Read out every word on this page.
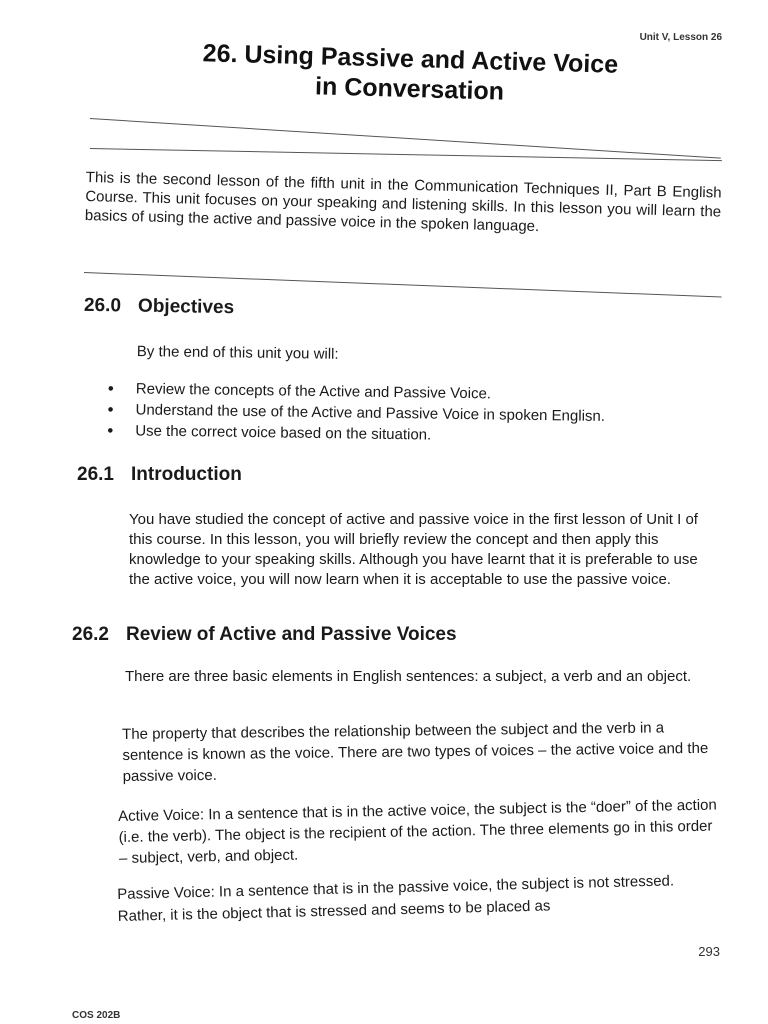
Unit V, Lesson 26
26. Using Passive and Active Voice
in Conversation

This is the second lesson of the fifth unit in the Communication Techniques II, Part B English Course. This unit focuses on your speaking and listening skills. In this lesson you will learn the basics of using the active and passive voice in the spoken language.

26.0 Objectives

By the end of this unit you will:

• Review the concepts of the Active and Passive Voice.
• Understand the use of the Active and Passive Voice in spoken Englisn.
• Use the correct voice based on the situation.
26.1 Introduction

You have studied the concept of active and passive voice in the first lesson of Unit I of this course. In this lesson, you will briefly review the concept and then apply this knowledge to your speaking skills. Although you have learnt that it is preferable to use the active voice, you will now learn when it is acceptable to use the passive voice.

26.2 Review of Active and Passive Voices

There are three basic elements in English sentences: a subject, a verb and an object.

The property that describes the relationship between the subject and the verb in a sentence is known as the voice. There are two types of voices – the active voice and the passive voice.

Active Voice: In a sentence that is in the active voice, the subject is the “doer” of the action (i.e. the verb). The object is the recipient of the action. The three elements go in this order – subject, verb, and object.

Passive Voice: In a sentence that is in the passive voice, the subject is not stressed. Rather, it is the object that is stressed and seems to be placed as

293
COS 202B
